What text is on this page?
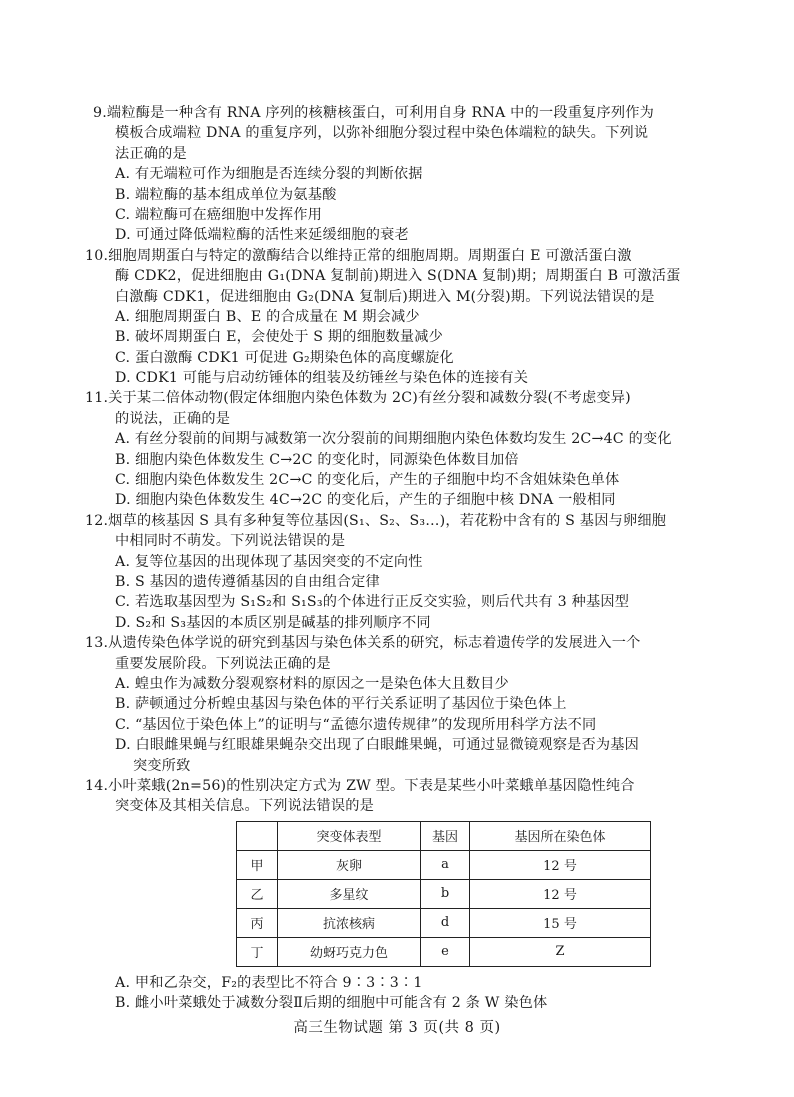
9.端粒酶是一种含有 RNA 序列的核糖核蛋白，可利用自身 RNA 中的一段重复序列作为
模板合成端粒 DNA 的重复序列，以弥补细胞分裂过程中染色体端粒的缺失。下列说
法正确的是
A. 有无端粒可作为细胞是否连续分裂的判断依据
B. 端粒酶的基本组成单位为氨基酸
C. 端粒酶可在癌细胞中发挥作用
D. 可通过降低端粒酶的活性来延缓细胞的衰老
10.细胞周期蛋白与特定的激酶结合以维持正常的细胞周期。周期蛋白 E 可激活蛋白激
酶 CDK2，促进细胞由 G₁(DNA 复制前)期进入 S(DNA 复制)期；周期蛋白 B 可激活蛋
白激酶 CDK1，促进细胞由 G₂(DNA 复制后)期进入 M(分裂)期。下列说法错误的是
A. 细胞周期蛋白 B、E 的合成量在 M 期会减少
B. 破坏周期蛋白 E，会使处于 S 期的细胞数量减少
C. 蛋白激酶 CDK1 可促进 G₂期染色体的高度螺旋化
D. CDK1 可能与启动纺锤体的组装及纺锤丝与染色体的连接有关
11.关于某二倍体动物(假定体细胞内染色体数为 2C)有丝分裂和减数分裂(不考虑变异)
的说法，正确的是
A. 有丝分裂前的间期与减数第一次分裂前的间期细胞内染色体数均发生 2C→4C 的变化
B. 细胞内染色体数发生 C→2C 的变化时，同源染色体数目加倍
C. 细胞内染色体数发生 2C→C 的变化后，产生的子细胞中均不含姐妹染色单体
D. 细胞内染色体数发生 4C→2C 的变化后，产生的子细胞中核 DNA 一般相同
12.烟草的核基因 S 具有多种复等位基因(S₁、S₂、S₃…)，若花粉中含有的 S 基因与卵细胞
中相同时不萌发。下列说法错误的是
A. 复等位基因的出现体现了基因突变的不定向性
B. S 基因的遗传遵循基因的自由组合定律
C. 若选取基因型为 S₁S₂和 S₁S₃的个体进行正反交实验，则后代共有 3 种基因型
D. S₂和 S₃基因的本质区别是碱基的排列顺序不同
13.从遗传染色体学说的研究到基因与染色体关系的研究，标志着遗传学的发展进入一个
重要发展阶段。下列说法正确的是
A. 蝗虫作为减数分裂观察材料的原因之一是染色体大且数目少
B. 萨顿通过分析蝗虫基因与染色体的平行关系证明了基因位于染色体上
C. “基因位于染色体上”的证明与“孟德尔遗传规律”的发现所用科学方法不同
D. 白眼雌果蝇与红眼雄果蝇杂交出现了白眼雌果蝇，可通过显微镜观察是否为基因
突变所致
14.小叶菜蛾(2n=56)的性别决定方式为 ZW 型。下表是某些小叶菜蛾单基因隐性纯合
突变体及其相关信息。下列说法错误的是
	突变体表型	基因	基因所在染色体
甲	灰卵	a	12 号
乙	多星纹	b	12 号
丙	抗浓核病	d	15 号
丁	幼蚜巧克力色	e	Z
A. 甲和乙杂交，F₂的表型比不符合 9∶3∶3∶1
B. 雌小叶菜蛾处于减数分裂Ⅱ后期的细胞中可能含有 2 条 W 染色体
高三生物试题 第 3 页(共 8 页)
